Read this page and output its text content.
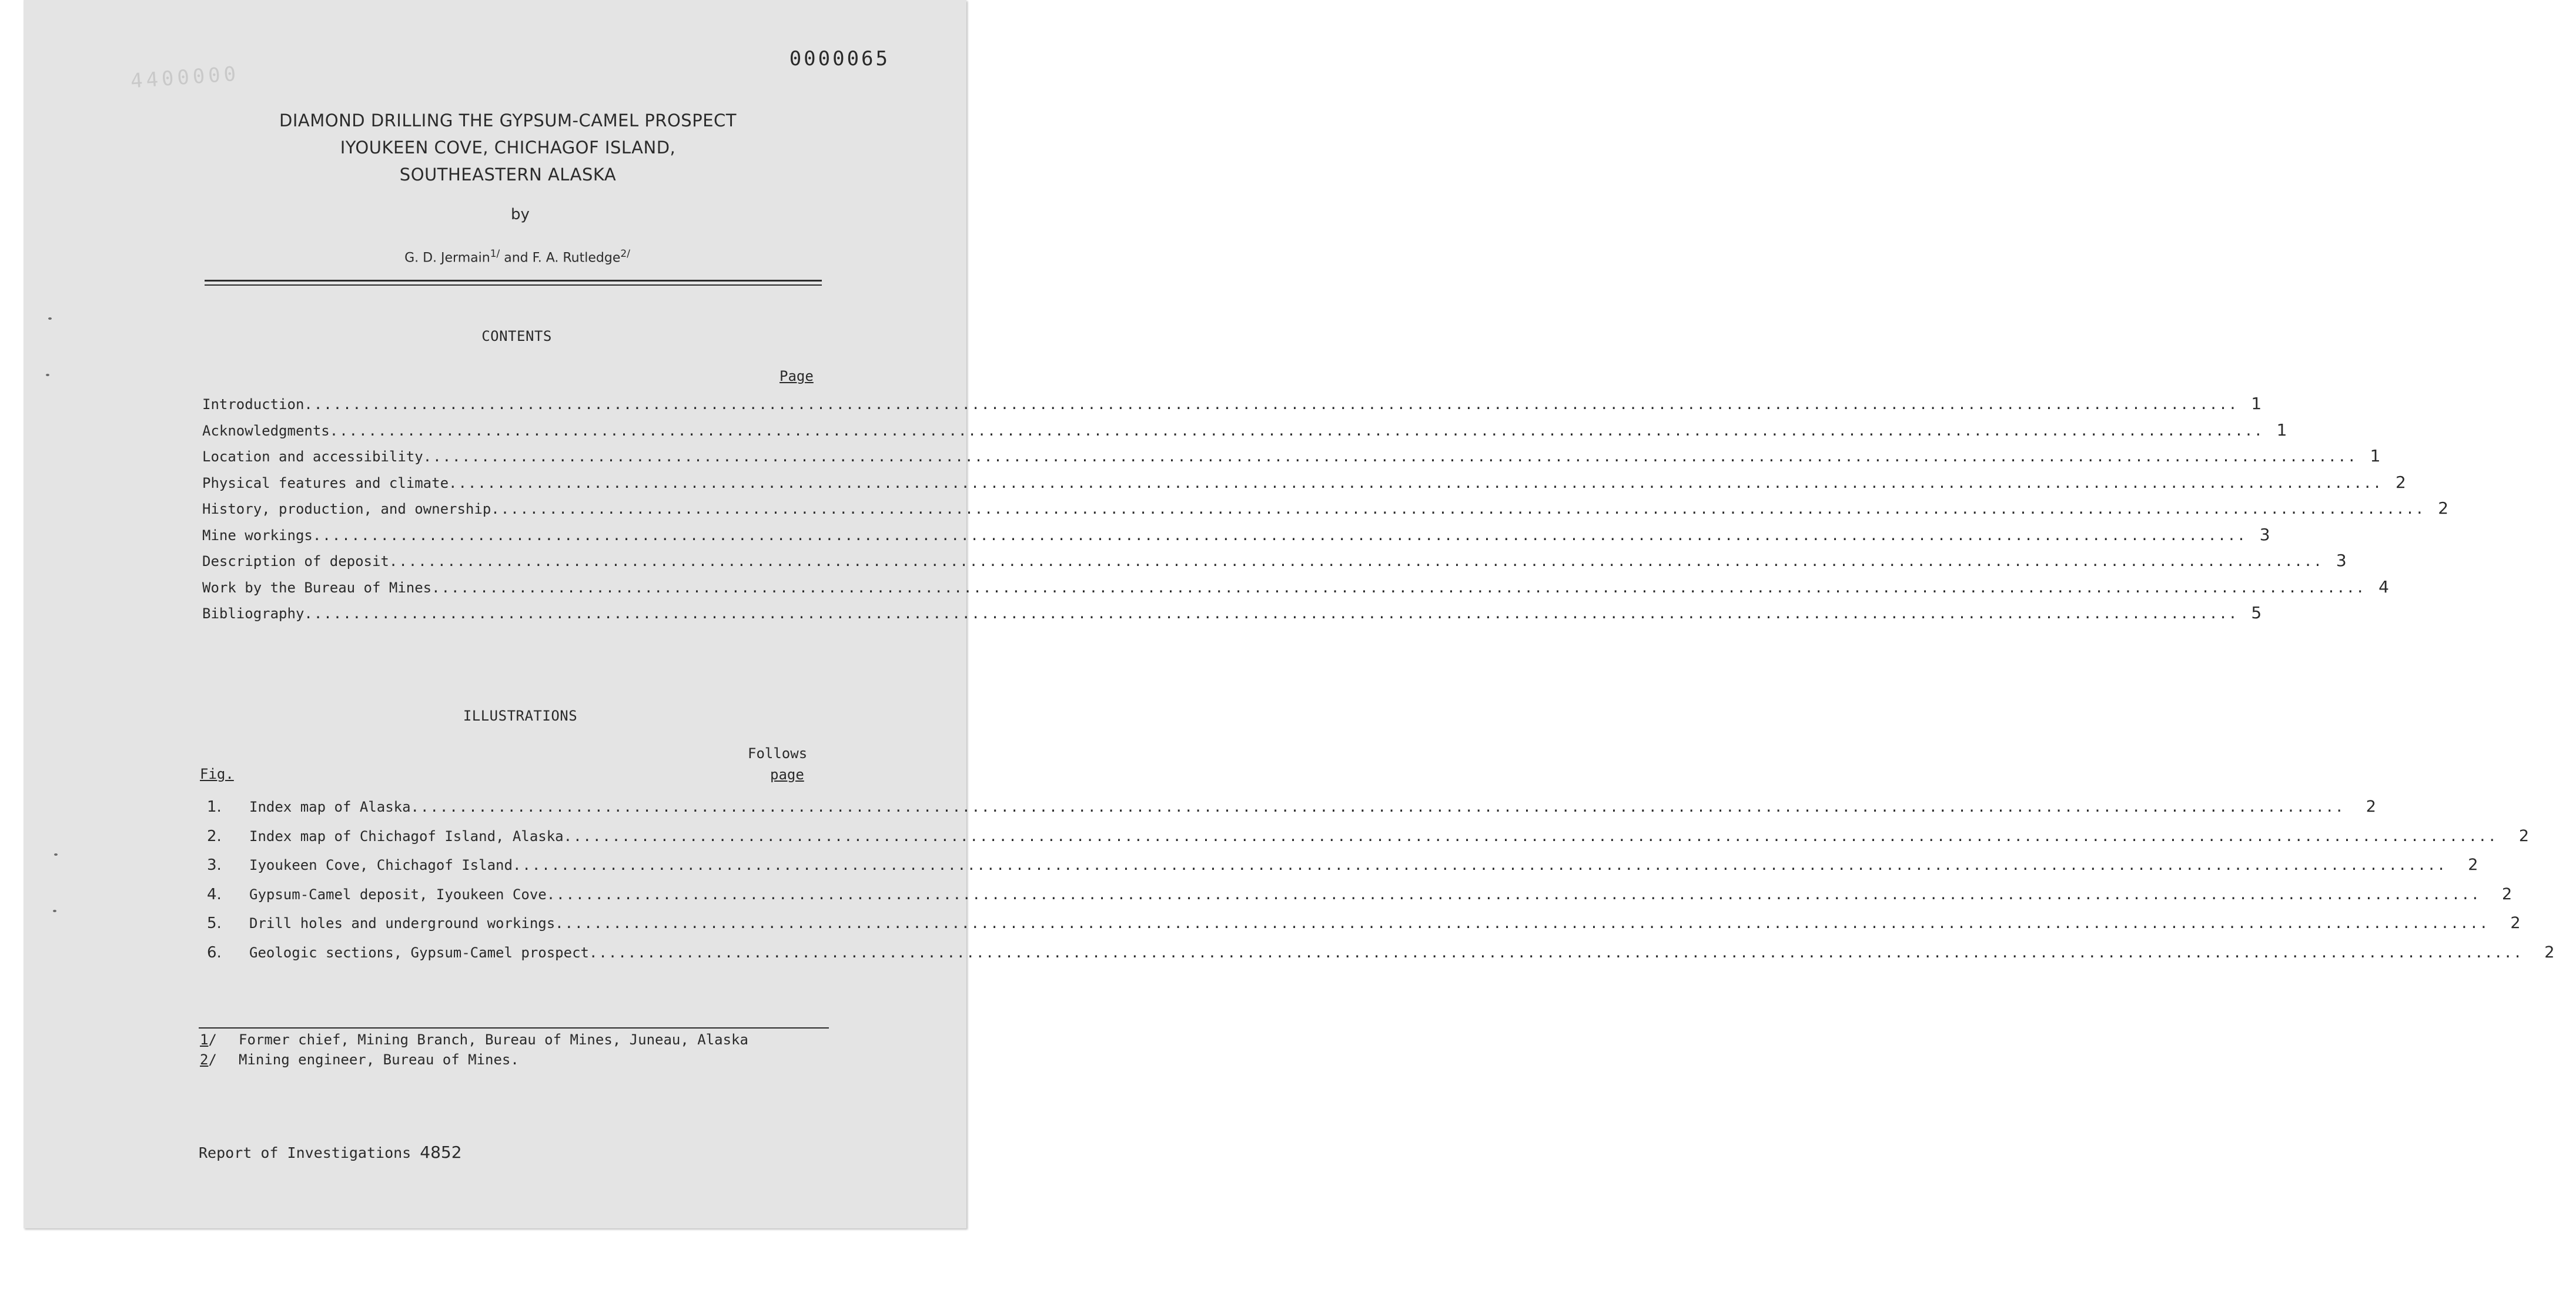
0000065
4400000
DIAMOND DRILLING THE GYPSUM-CAMEL PROSPECT
IYOUKEEN COVE, CHICHAGOF ISLAND,
SOUTHEASTERN ALASKA
by
G. D. Jermain$^{1/}$ and F. A. Rutledge$^{2/}$
CONTENTS
Page
Introduction ........................................................................................................................................................................................................ 1
Acknowledgments ........................................................................................................................................................................................................ 1
Location and accessibility ........................................................................................................................................................................................................ 1
Physical features and climate ........................................................................................................................................................................................................ 2
History, production, and ownership ........................................................................................................................................................................................................ 2
Mine workings ........................................................................................................................................................................................................ 3
Description of deposit ........................................................................................................................................................................................................ 3
Work by the Bureau of Mines ........................................................................................................................................................................................................ 4
Bibliography ........................................................................................................................................................................................................ 5
ILLUSTRATIONS
Follows
page
Fig.
1.	Index map of Alaska ........................................................................................................................................................................................................	2
2.	Index map of Chichagof Island, Alaska ........................................................................................................................................................................................................	2
3.	Iyoukeen Cove, Chichagof Island ........................................................................................................................................................................................................	2
4.	Gypsum-Camel deposit, Iyoukeen Cove ........................................................................................................................................................................................................	2
5.	Drill holes and underground workings ........................................................................................................................................................................................................	2
6.	Geologic sections, Gypsum-Camel prospect ........................................................................................................................................................................................................	2
1/ Former chief, Mining Branch, Bureau of Mines, Juneau, Alaska
2/ Mining engineer, Bureau of Mines.
Report of Investigations 4852
